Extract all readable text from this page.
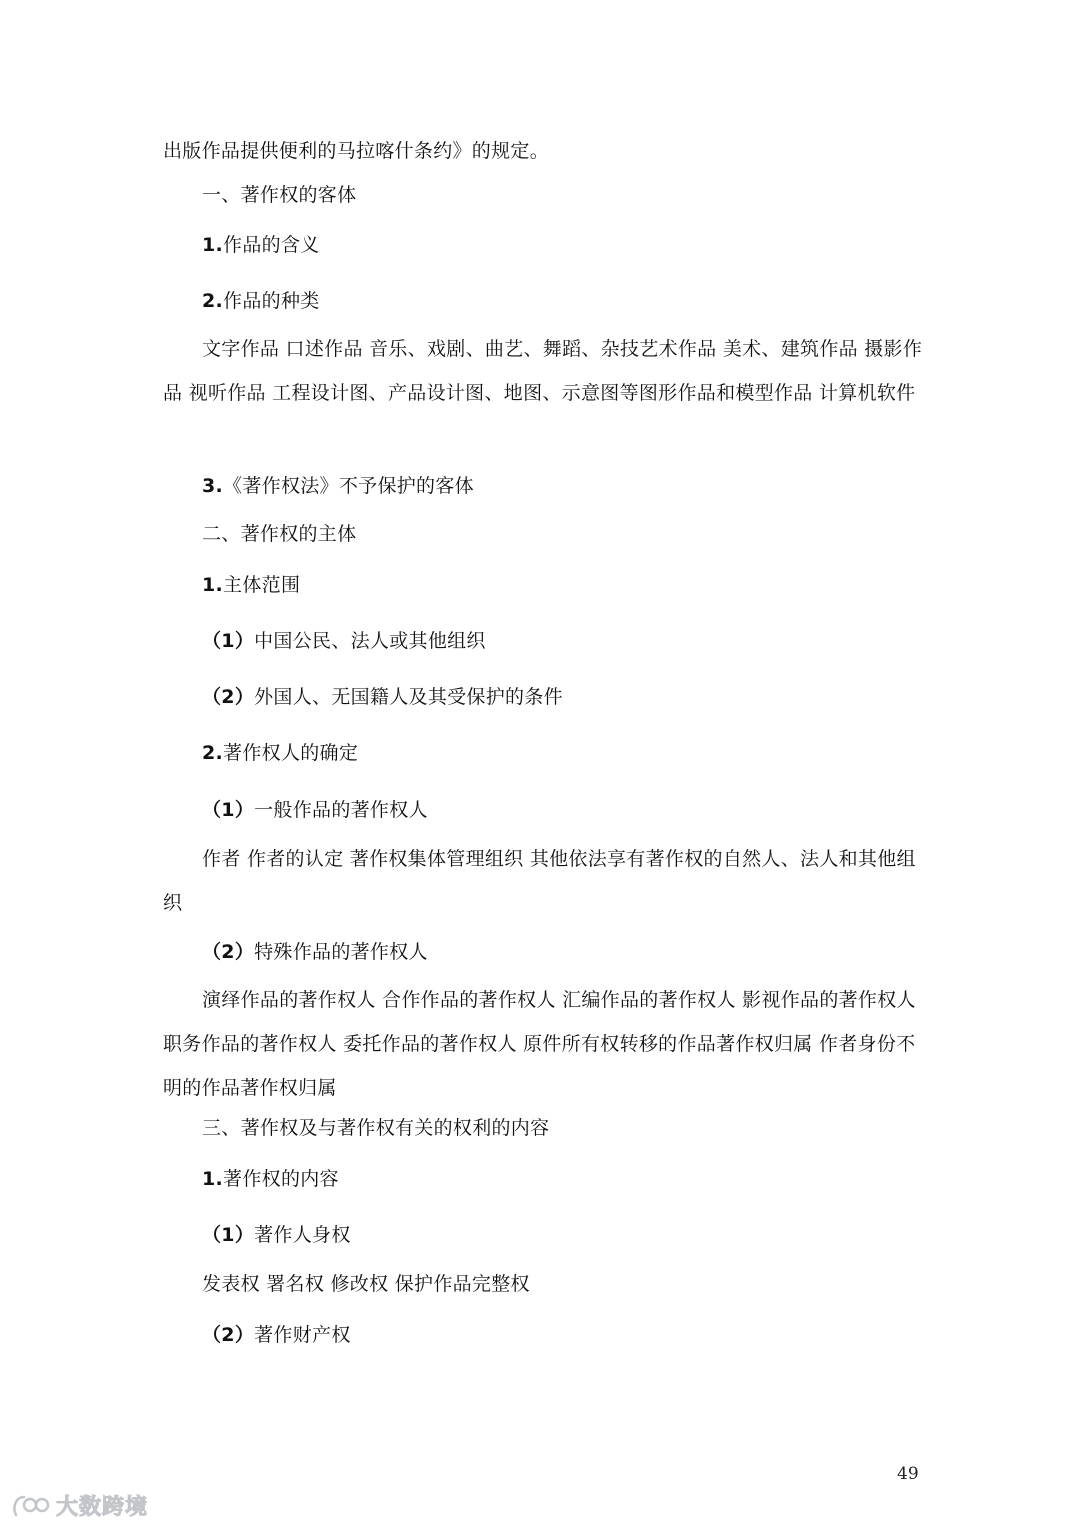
出版作品提供便利的马拉喀什条约》的规定。
一、著作权的客体
1.作品的含义
2.作品的种类
文字作品 口述作品 音乐、戏剧、曲艺、舞蹈、杂技艺术作品 美术、建筑作品 摄影作品 视听作品 工程设计图、产品设计图、地图、示意图等图形作品和模型作品 计算机软件
3.《著作权法》不予保护的客体
二、著作权的主体
1.主体范围
（1）中国公民、法人或其他组织
（2）外国人、无国籍人及其受保护的条件
2.著作权人的确定
（1）一般作品的著作权人
作者 作者的认定 著作权集体管理组织 其他依法享有著作权的自然人、法人和其他组织
（2）特殊作品的著作权人
演绎作品的著作权人 合作作品的著作权人 汇编作品的著作权人 影视作品的著作权人 职务作品的著作权人 委托作品的著作权人 原件所有权转移的作品著作权归属 作者身份不明的作品著作权归属
三、著作权及与著作权有关的权利的内容
1.著作权的内容
（1）著作人身权
发表权 署名权 修改权 保护作品完整权
（2）著作财产权
49
大数跨境
